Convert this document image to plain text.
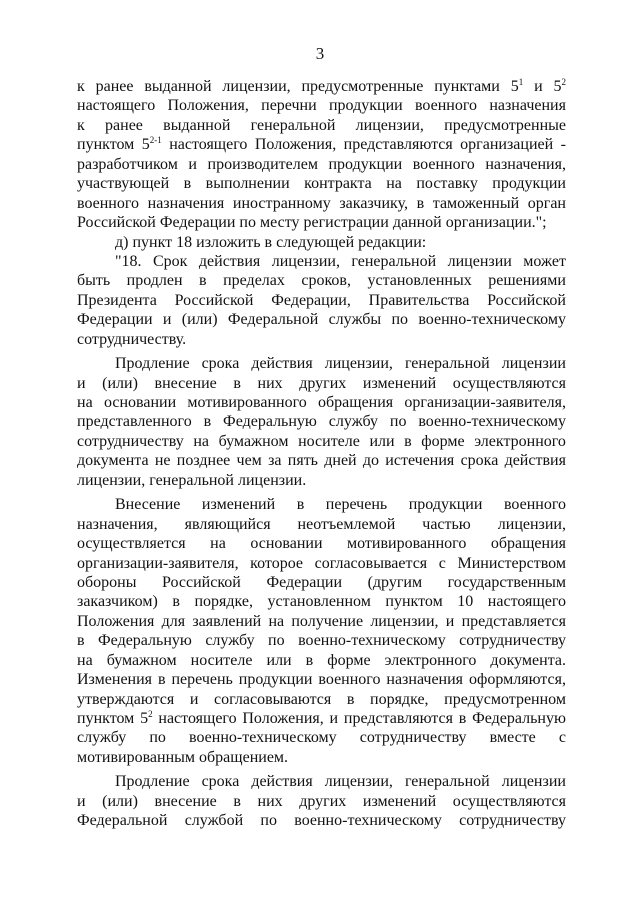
3
к ранее выданной лицензии, предусмотренные пунктами $5^1$ и $5^2$
настоящего Положения, перечни продукции военного назначения
к ранее выданной генеральной лицензии, предусмотренные
пунктом 5$^{2-1}$ настоящего Положения, представляются организацией -
разработчиком и производителем продукции военного назначения,
участвующей в выполнении контракта на поставку продукции
военного назначения иностранному заказчику, в таможенный орган
Российской Федерации по месту регистрации данной организации.";
д) пункт 18 изложить в следующей редакции:
"18. Срок действия лицензии, генеральной лицензии может
быть продлен в пределах сроков, установленных решениями
Президента Российской Федерации, Правительства Российской
Федерации и (или) Федеральной службы по военно-техническому
сотрудничеству.
Продление срока действия лицензии, генеральной лицензии
и (или) внесение в них других изменений осуществляются
на основании мотивированного обращения организации-заявителя,
представленного в Федеральную службу по военно-техническому
сотрудничеству на бумажном носителе или в форме электронного
документа не позднее чем за пять дней до истечения срока действия
лицензии, генеральной лицензии.
Внесение изменений в перечень продукции военного
назначения, являющийся неотъемлемой частью лицензии,
осуществляется на основании мотивированного обращения
организации-заявителя, которое согласовывается с Министерством
обороны Российской Федерации (другим государственным
заказчиком) в порядке, установленном пунктом 10 настоящего
Положения для заявлений на получение лицензии, и представляется
в Федеральную службу по военно-техническому сотрудничеству
на бумажном носителе или в форме электронного документа.
Изменения в перечень продукции военного назначения оформляются,
утверждаются и согласовываются в порядке, предусмотренном
пунктом $5^2$ настоящего Положения, и представляются в Федеральную
службу по военно-техническому сотрудничеству вместе с
мотивированным обращением.
Продление срока действия лицензии, генеральной лицензии
и (или) внесение в них других изменений осуществляются
Федеральной службой по военно-техническому сотрудничеству
